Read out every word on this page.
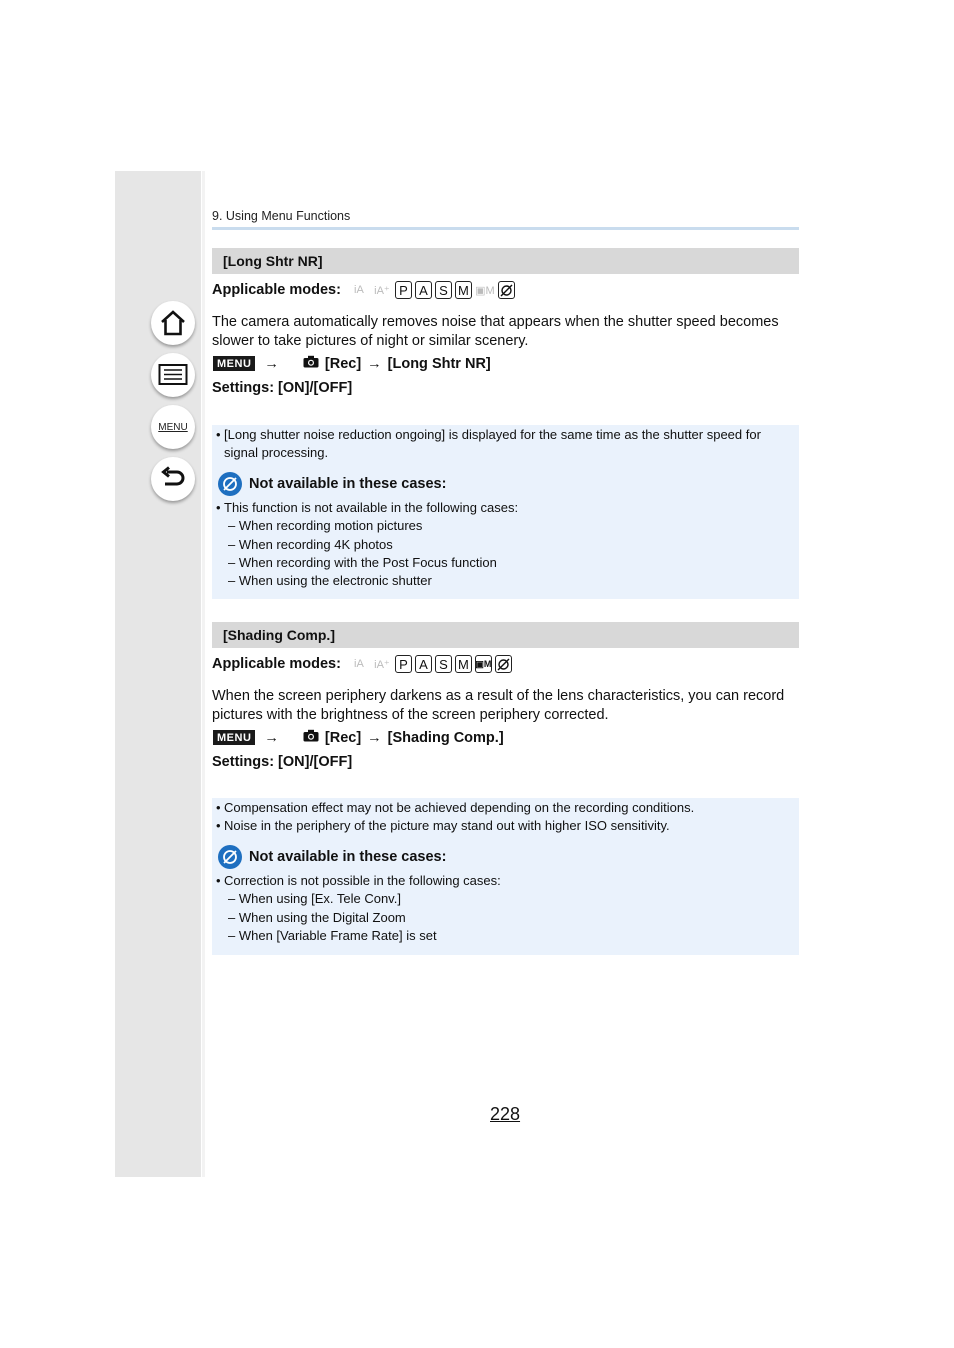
MENU
9. Using Menu Functions
[Long Shtr NR]
Applicable modes:	iA iA⁺ P A S M ▣M
The camera automatically removes noise that appears when the shutter speed becomes slower to take pictures of night or similar scenery.
MENU →	[Rec] → [Long Shtr NR]
Settings: [ON]/[OFF]
• [Long shutter noise reduction ongoing] is displayed for the same time as the shutter speed for signal processing.
Not available in these cases:
• This function is not available in the following cases:
– When recording motion pictures
– When recording 4K photos
– When recording with the Post Focus function
– When using the electronic shutter
[Shading Comp.]
Applicable modes:	iA iA⁺ P A S M ▣M
When the screen periphery darkens as a result of the lens characteristics, you can record pictures with the brightness of the screen periphery corrected.
MENU →	[Rec] → [Shading Comp.]
Settings: [ON]/[OFF]
• Compensation effect may not be achieved depending on the recording conditions.
• Noise in the periphery of the picture may stand out with higher ISO sensitivity.
Not available in these cases:
• Correction is not possible in the following cases:
– When using [Ex. Tele Conv.]
– When using the Digital Zoom
– When [Variable Frame Rate] is set
228
